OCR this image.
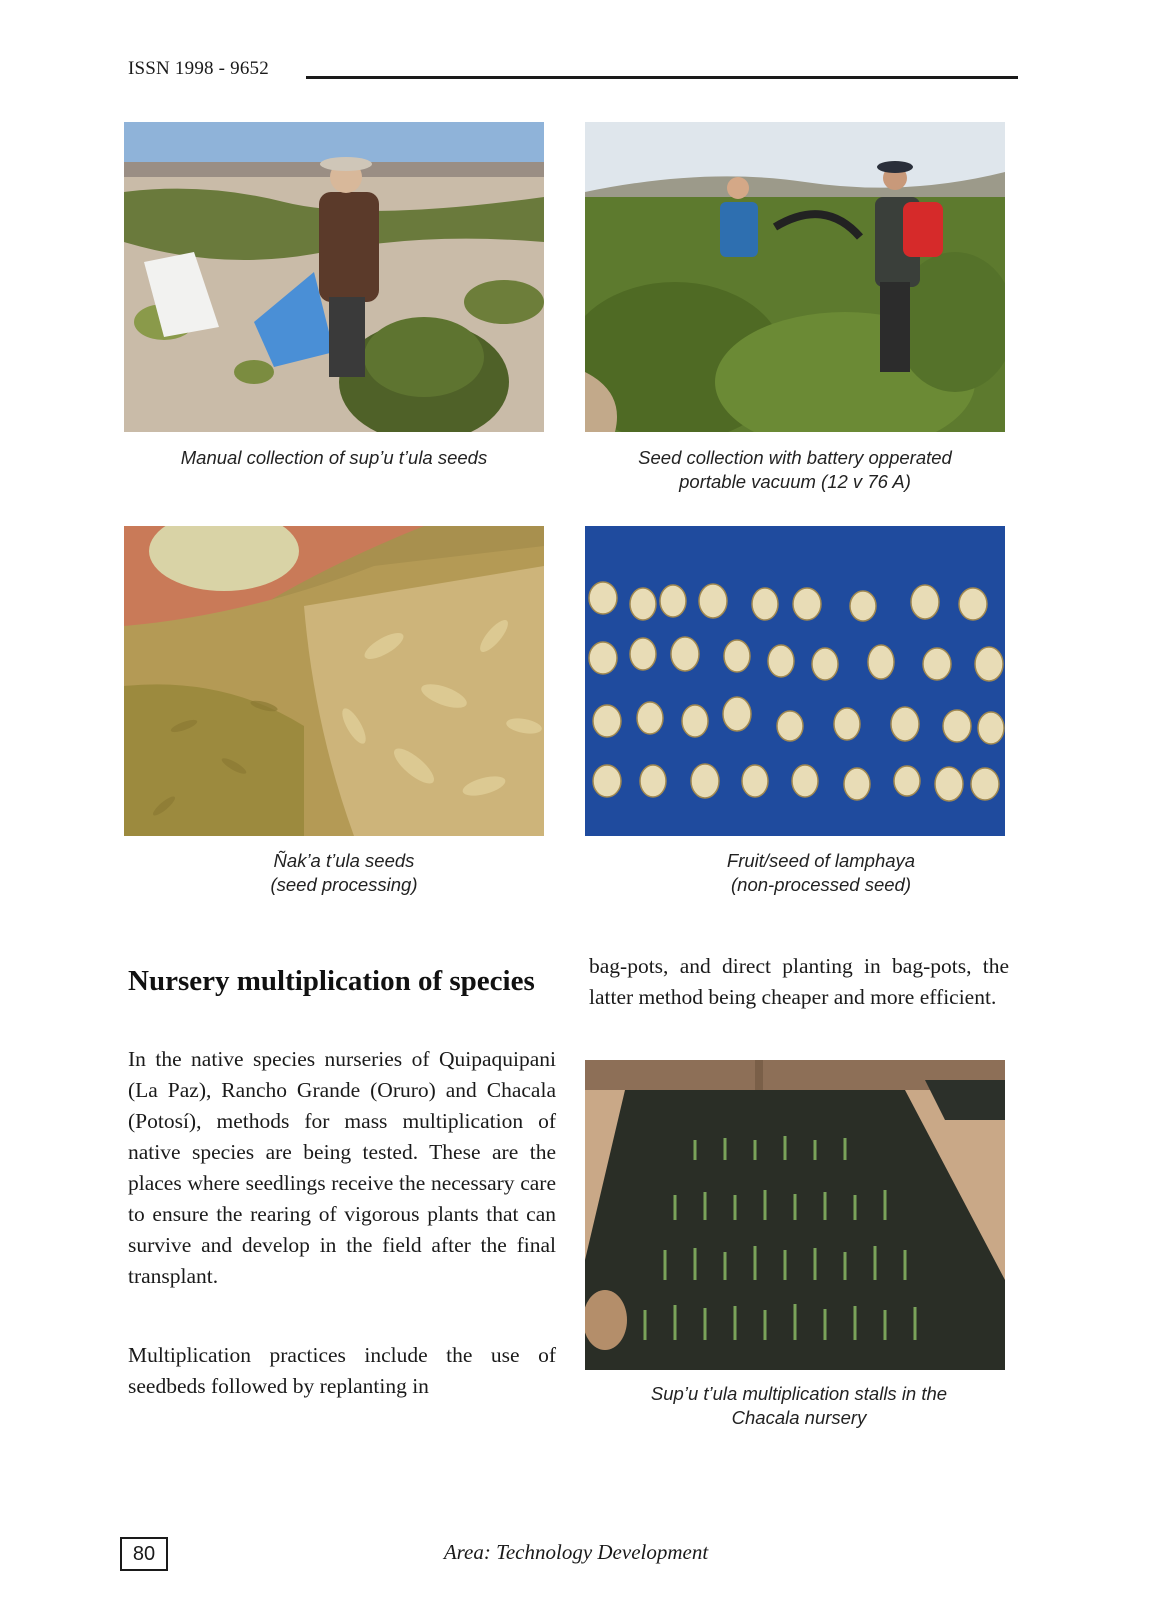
ISSN 1998 - 9652
Manual collection of sup’u t’ula seeds	Seed collection with battery opperated
portable vacuum (12 v 76 A)
Ñak’a t’ula seeds
(seed processing)
Fruit/seed of lamphaya
(non-processed seed)
Nursery multiplication of species

In the native species nurseries of Quipaquipani (La Paz), Rancho Grande (Oruro) and Chacala (Potosí), methods for mass multiplication of native species are being tested. These are the places where seedlings receive the necessary care to ensure the rearing of vigorous plants that can survive and develop in the field after the final transplant.

Multiplication practices include the use of seedbeds followed by replanting in

bag-pots, and direct planting in bag-pots, the latter method being cheaper and more efficient.

Sup’u t’ula multiplication stalls in the
Chacala nursery
80	Area: Technology Development
